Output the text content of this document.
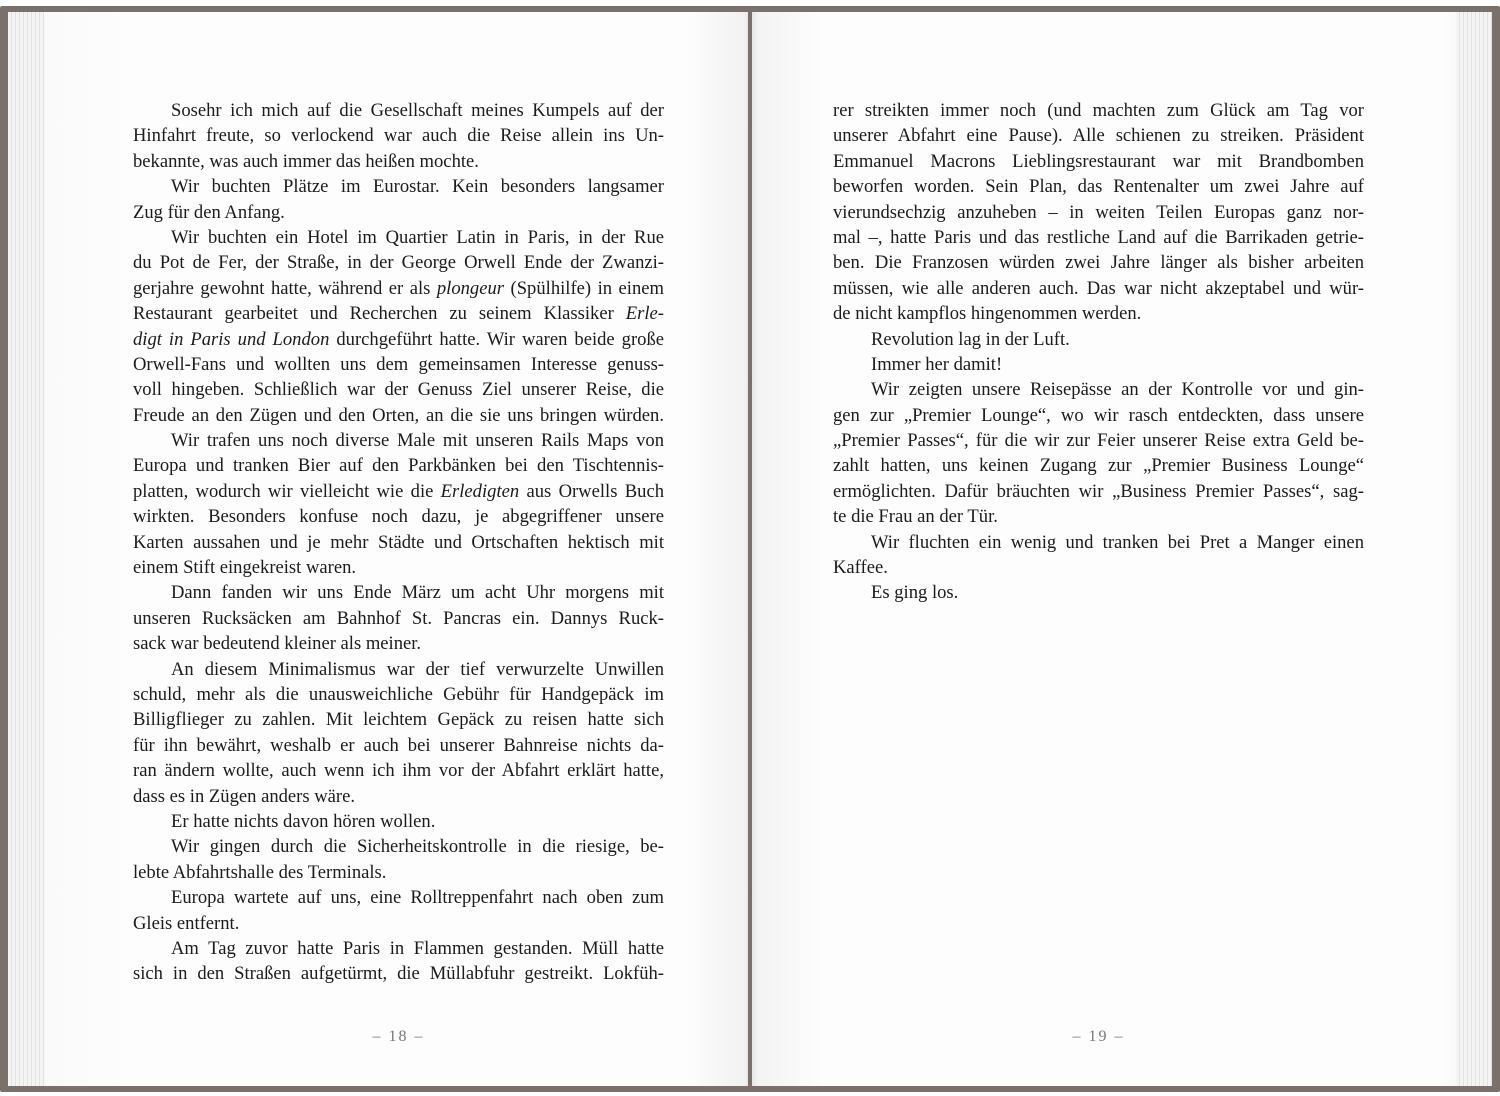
Sosehr ich mich auf die Gesellschaft meines Kumpels auf der
Hinfahrt freute, so verlockend war auch die Reise allein ins Un-
bekannte, was auch immer das heißen mochte.
Wir buchten Plätze im Eurostar. Kein besonders langsamer
Zug für den Anfang.
Wir buchten ein Hotel im Quartier Latin in Paris, in der Rue
du Pot de Fer, der Straße, in der George Orwell Ende der Zwanzi-
gerjahre gewohnt hatte, während er als plongeur (Spülhilfe) in einem
Restaurant gearbeitet und Recherchen zu seinem Klassiker Erle-
digt in Paris und London durchgeführt hatte. Wir waren beide große
Orwell-Fans und wollten uns dem gemeinsamen Interesse genuss-
voll hingeben. Schließlich war der Genuss Ziel unserer Reise, die
Freude an den Zügen und den Orten, an die sie uns bringen würden.
Wir trafen uns noch diverse Male mit unseren Rails Maps von
Europa und tranken Bier auf den Parkbänken bei den Tischtennis-
platten, wodurch wir vielleicht wie die Erledigten aus Orwells Buch
wirkten. Besonders konfuse noch dazu, je abgegriffener unsere
Karten aussahen und je mehr Städte und Ortschaften hektisch mit
einem Stift eingekreist waren.
Dann fanden wir uns Ende März um acht Uhr morgens mit
unseren Rucksäcken am Bahnhof St. Pancras ein. Dannys Ruck-
sack war bedeutend kleiner als meiner.
An diesem Minimalismus war der tief verwurzelte Unwillen
schuld, mehr als die unausweichliche Gebühr für Handgepäck im
Billigflieger zu zahlen. Mit leichtem Gepäck zu reisen hatte sich
für ihn bewährt, weshalb er auch bei unserer Bahnreise nichts da-
ran ändern wollte, auch wenn ich ihm vor der Abfahrt erklärt hatte,
dass es in Zügen anders wäre.
Er hatte nichts davon hören wollen.
Wir gingen durch die Sicherheitskontrolle in die riesige, be-
lebte Abfahrtshalle des Terminals.
Europa wartete auf uns, eine Rolltreppenfahrt nach oben zum
Gleis entfernt.
Am Tag zuvor hatte Paris in Flammen gestanden. Müll hatte
sich in den Straßen aufgetürmt, die Müllabfuhr gestreikt. Lokfüh-
– 18 –
rer streikten immer noch (und machten zum Glück am Tag vor
unserer Abfahrt eine Pause). Alle schienen zu streiken. Präsident
Emmanuel Macrons Lieblingsrestaurant war mit Brandbomben
beworfen worden. Sein Plan, das Rentenalter um zwei Jahre auf
vierundsechzig anzuheben – in weiten Teilen Europas ganz nor-
mal –, hatte Paris und das restliche Land auf die Barrikaden getrie-
ben. Die Franzosen würden zwei Jahre länger als bisher arbeiten
müssen, wie alle anderen auch. Das war nicht akzeptabel und wür-
de nicht kampflos hingenommen werden.
Revolution lag in der Luft.
Immer her damit!
Wir zeigten unsere Reisepässe an der Kontrolle vor und gin-
gen zur „Premier Lounge“, wo wir rasch entdeckten, dass unsere
„Premier Passes“, für die wir zur Feier unserer Reise extra Geld be-
zahlt hatten, uns keinen Zugang zur „Premier Business Lounge“
ermöglichten. Dafür bräuchten wir „Business Premier Passes“, sag-
te die Frau an der Tür.
Wir fluchten ein wenig und tranken bei Pret a Manger einen
Kaffee.
Es ging los.
– 19 –
